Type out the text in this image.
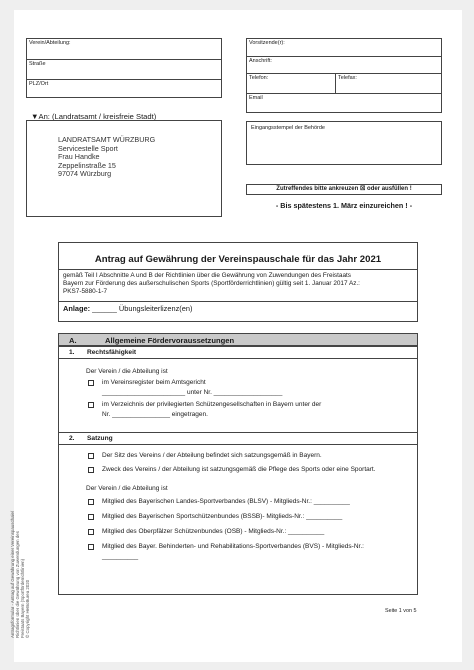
Verein/Abteilung:
Straße
PLZ/Ort
Vorsitzende(r):
Anschrift:
Telefon:	Telefax:
Email
▼An: (Landratsamt / kreisfreie Stadt)
LANDRATSAMT WÜRZBURG
Servicestelle Sport
Frau Handke
Zeppelinstraße 15
97074 Würzburg
Eingangsstempel der Behörde
Zutreffendes bitte ankreuzen ☒ oder ausfüllen !
- Bis spätestens 1. März einzureichen ! -
Antrag auf Gewährung der Vereinspauschale für das Jahr 2021
gemäß Teil I Abschnitte A und B der Richtlinien über die Gewährung von Zuwendungen des Freistaats
Bayern zur Förderung des außerschulischen Sports (Sportförderrichtlinien) gültig seit 1. Januar 2017 Az.:
PKS7-5880-1-7
Anlage: ______ Übungsleiterlizenz(en)
A.	Allgemeine Fördervoraussetzungen
1. Rechtsfähigkeit
Der Verein / die Abteilung ist
im Vereinsregister beim Amtsgericht
_______________________ unter Nr. ___________________
im Verzeichnis der privilegierten Schützengesellschaften in Bayern unter der
Nr. ________________ eingetragen.
2. Satzung
Der Sitz des Vereins / der Abteilung befindet sich satzungsgemäß in Bayern.
Zweck des Vereins / der Abteilung ist satzungsgemäß die Pflege des Sports oder eine Sportart.
Der Verein / die Abteilung ist
Mitglied des Bayerischen Landes-Sportverbandes (BLSV) - Mitglieds-Nr.: __________
Mitglied des Bayerischen Sportschützenbundes (BSSB)- Mitglieds-Nr.: __________
Mitglied des Oberpfälzer Schützenbundes (OSB) - Mitglieds-Nr.: __________
Mitglied des Bayer. Behinderten- und Rehabilitations-Sportverbandes (BVS) - Mitglieds-Nr.:
__________
Seite 1 von 5
Antragsformular - Antrag auf Gewährung einer Vereinspauschale/ Richtlinien über die Gewährung von Zuwendungen des Freistaats Bayern (Sportförderrichtlinien) © Copyright HeBoBurea 2020
